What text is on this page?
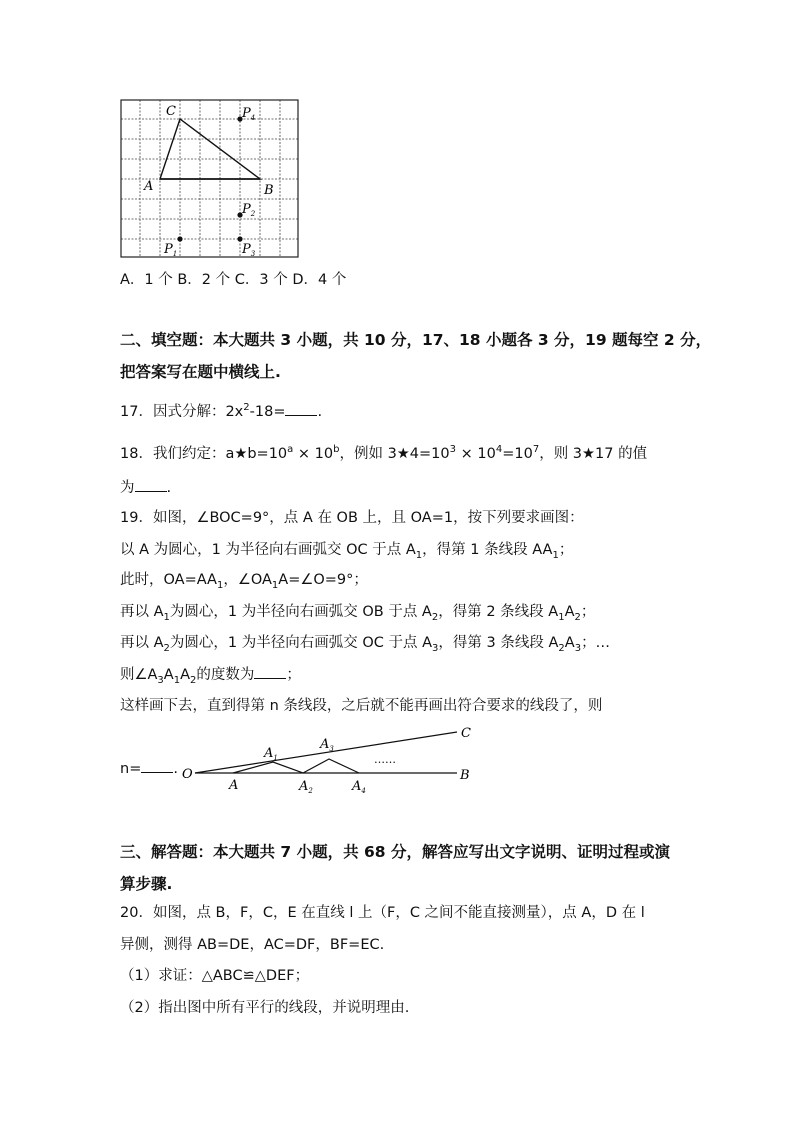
C
A	B
$P_4$
$P_2$
$P_1$	$P_3$
A．1 个 B．2 个 C．3 个 D．4 个
二、填空题：本大题共 3 小题，共 10 分，17、18 小题各 3 分，19 题每空 2 分，
把答案写在题中横线上.
17．因式分解：$2x^2-18=$ .
18．我们约定：$a★b=10^a \times 10^b$，例如 $3★4=10^3 \times 10^4=10^7$，则 3★17 的值
为 .
19．如图，∠BOC=9°，点 A 在 OB 上，且 OA=1，按下列要求画图：
以 A 为圆心，1 为半径向右画弧交 OC 于点 $A_1$，得第 1 条线段 $AA_1$；
此时，$OA=AA_1$，$\angle OA_1A=\angle O=9^\circ$；
再以 $A_1$为圆心，1 为半径向右画弧交 OB 于点 $A_2$，得第 2 条线段 $A_1A_2$；
再以 $A_2$为圆心，1 为半径向右画弧交 OC 于点 $A_3$，得第 3 条线段 $A_2A_3$；…
则$\angle A_3A_1A_2$的度数为 ；
这样画下去，直到得第 n 条线段，之后就不能再画出符合要求的线段了，则
n= . O
A
$A_1$
$A_2$
$A_3$
$A_4$
……
B
C
三、解答题：本大题共 7 小题，共 68 分，解答应写出文字说明、证明过程或演
算步骤.
20．如图，点 B，F，C，E 在直线 l 上（F，C 之间不能直接测量），点 A，D 在 l
异侧，测得 AB=DE，AC=DF，BF=EC.
（1）求证：△ABC≌△DEF；
（2）指出图中所有平行的线段，并说明理由.
